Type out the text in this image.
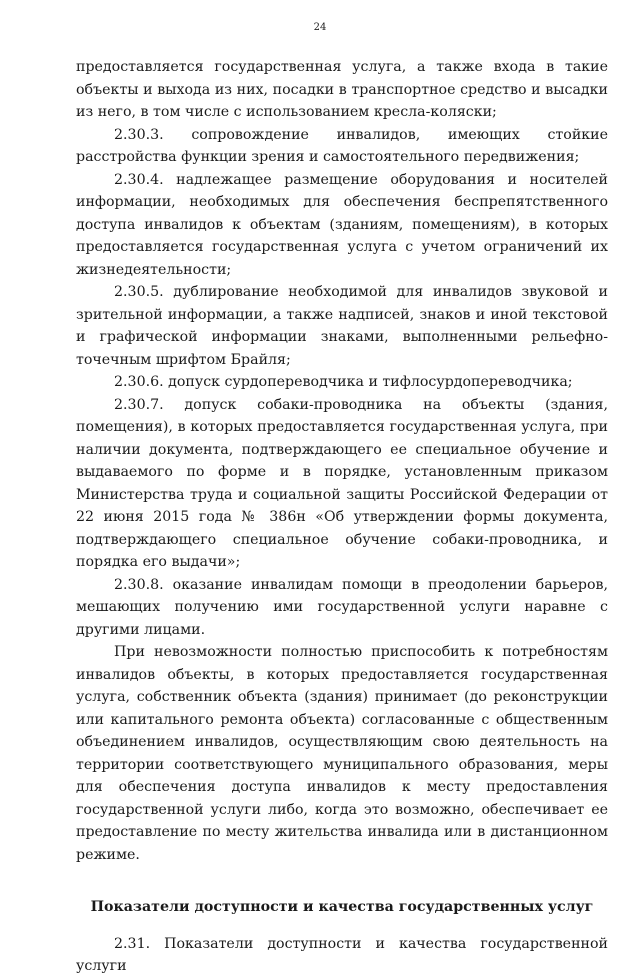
24

предоставляется государственная услуга, а также входа в такие объекты и выхода из них, посадки в транспортное средство и высадки из него, в том числе с использованием кресла-коляски;

2.30.3. сопровождение инвалидов, имеющих стойкие расстройства функции зрения и самостоятельного передвижения;

2.30.4. надлежащее размещение оборудования и носителей информации, необходимых для обеспечения беспрепятственного доступа инвалидов к объектам (зданиям, помещениям), в которых предоставляется государственная услуга с учетом ограничений их жизнедеятельности;

2.30.5. дублирование необходимой для инвалидов звуковой и зрительной информации, а также надписей, знаков и иной текстовой и графической информации знаками, выполненными рельефно-точечным шрифтом Брайля;

2.30.6. допуск сурдопереводчика и тифлосурдопереводчика;

2.30.7. допуск собаки-проводника на объекты (здания, помещения), в которых предоставляется государственная услуга, при наличии документа, подтверждающего ее специальное обучение и выдаваемого по форме и в порядке, установленным приказом Министерства труда и социальной защиты Российской Федерации от 22 июня 2015 года № 386н «Об утверждении формы документа, подтверждающего специальное обучение собаки-проводника, и порядка его выдачи»;

2.30.8. оказание инвалидам помощи в преодолении барьеров, мешающих получению ими государственной услуги наравне с другими лицами.

При невозможности полностью приспособить к потребностям инвалидов объекты, в которых предоставляется государственная услуга, собственник объекта (здания) принимает (до реконструкции или капитального ремонта объекта) согласованные с общественным объединением инвалидов, осуществляющим свою деятельность на территории соответствующего муниципального образования, меры для обеспечения доступа инвалидов к месту предоставления государственной услуги либо, когда это возможно, обеспечивает ее предоставление по месту жительства инвалида или в дистанционном режиме.

Показатели доступности и качества государственных услуг

2.31. Показатели доступности и качества государственной услуги
